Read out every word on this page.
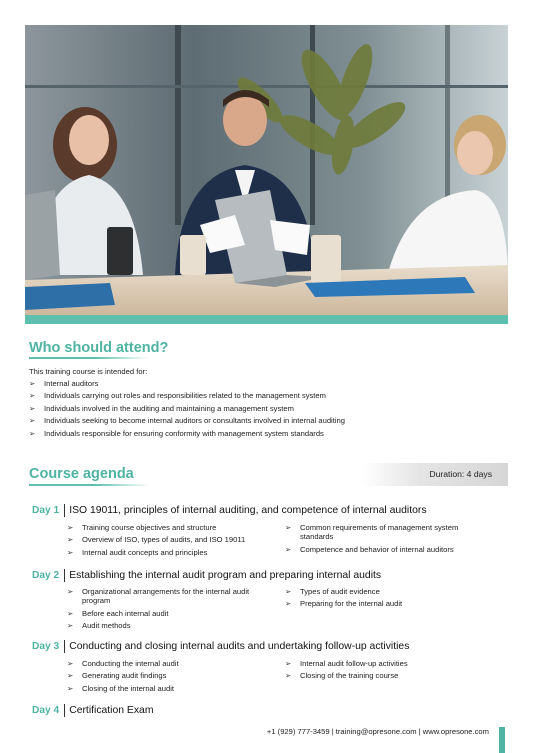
Who should attend?
This training course is intended for:
➢	Internal auditors
➢	Individuals carrying out roles and responsibilities related to the management system
➢	Individuals involved in the auditing and maintaining a management system
➢	Individuals seeking to become internal auditors or consultants involved in internal auditing
➢	Individuals responsible for ensuring conformity with management system standards
Course agenda	Duration: 4 days
Day 1 ISO 19011, principles of internal auditing, and competence of internal auditors
➢	Training course objectives and structure
➢	Overview of ISO, types of audits, and ISO 19011
➢	Internal audit concepts and principles
➢	Common requirements of management system standards
➢	Competence and behavior of internal auditors
Day 2 Establishing the internal audit program and preparing internal audits
➢	Organizational arrangements for the internal audit program
➢	Before each internal audit
➢	Audit methods
➢	Types of audit evidence
➢	Preparing for the internal audit
Day 3 Conducting and closing internal audits and undertaking follow-up activities
➢	Conducting the internal audit
➢	Generating audit findings
➢	Closing of the internal audit
➢	Internal audit follow-up activities
➢	Closing of the training course
Day 4 Certification Exam
+1 (929) 777-3459 | training@opresone.com | www.opresone.com
